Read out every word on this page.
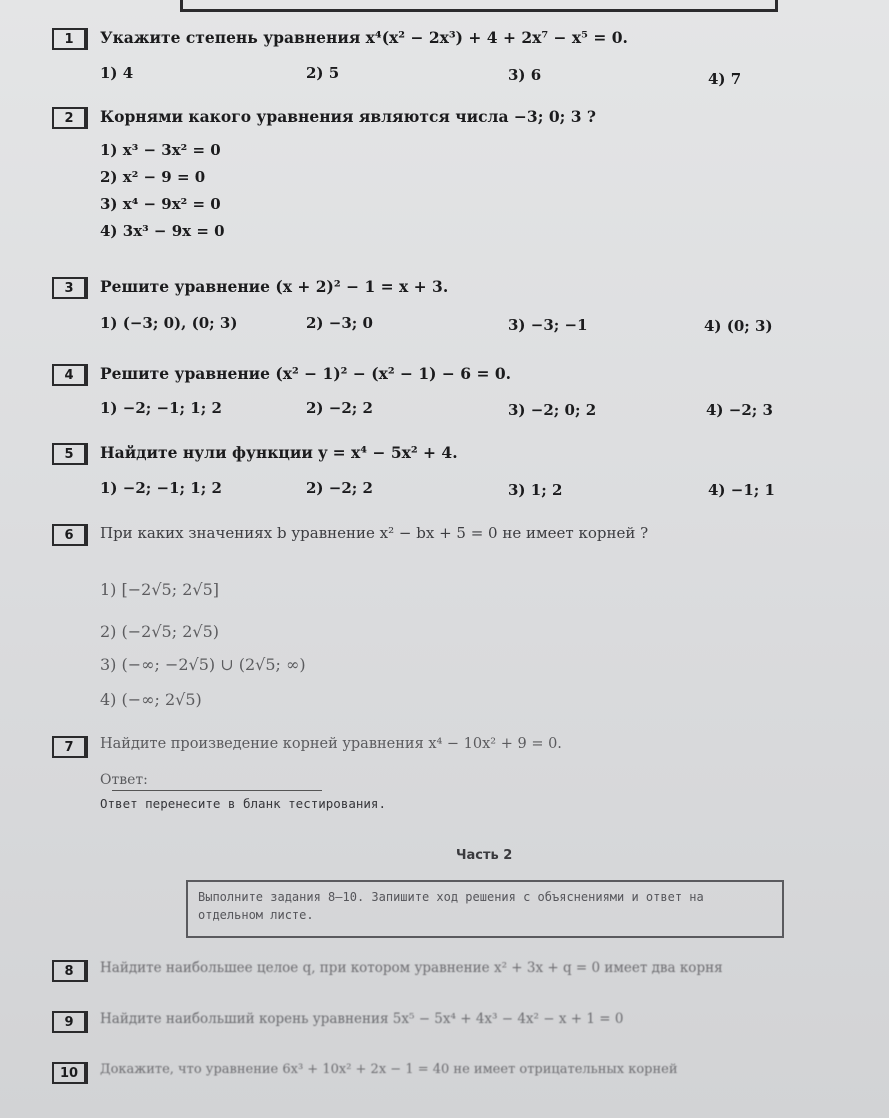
1	Укажите степень уравнения x⁴(x² − 2x³) + 4 + 2x⁷ − x⁵ = 0.
1) 4	2) 5	3) 6	4) 7
2	Корнями какого уравнения являются числа −3; 0; 3 ?
1) x³ − 3x² = 0
2) x² − 9 = 0
3) x⁴ − 9x² = 0
4) 3x³ − 9x = 0
3	Решите уравнение (x + 2)² − 1 = x + 3.
1) (−3; 0), (0; 3)	2) −3; 0	3) −3; −1	4) (0; 3)
4	Решите уравнение (x² − 1)² − (x² − 1) − 6 = 0.
1) −2; −1; 1; 2	2) −2; 2	3) −2; 0; 2	4) −2; 3
5	Найдите нули функции y = x⁴ − 5x² + 4.
1) −2; −1; 1; 2	2) −2; 2	3) 1; 2	4) −1; 1
6	При каких значениях b уравнение x² − bx + 5 = 0 не имеет корней ?
1) [−2√5; 2√5]
2) (−2√5; 2√5)
3) (−∞; −2√5) ∪ (2√5; ∞)
4) (−∞; 2√5)
7	Найдите произведение корней уравнения x⁴ − 10x² + 9 = 0.
Ответ:
Ответ перенесите в бланк тестирования.
Часть 2
Выполните задания 8—10. Запишите ход решения с объяснениями и ответ на отдельном листе.
8	Найдите наибольшее целое q, при котором уравнение x² + 3x + q = 0 имеет два корня
9	Найдите наибольший корень уравнения 5x⁵ − 5x⁴ + 4x³ − 4x² − x + 1 = 0
10	Докажите, что уравнение 6x³ + 10x² + 2x − 1 = 40 не имеет отрицательных корней
